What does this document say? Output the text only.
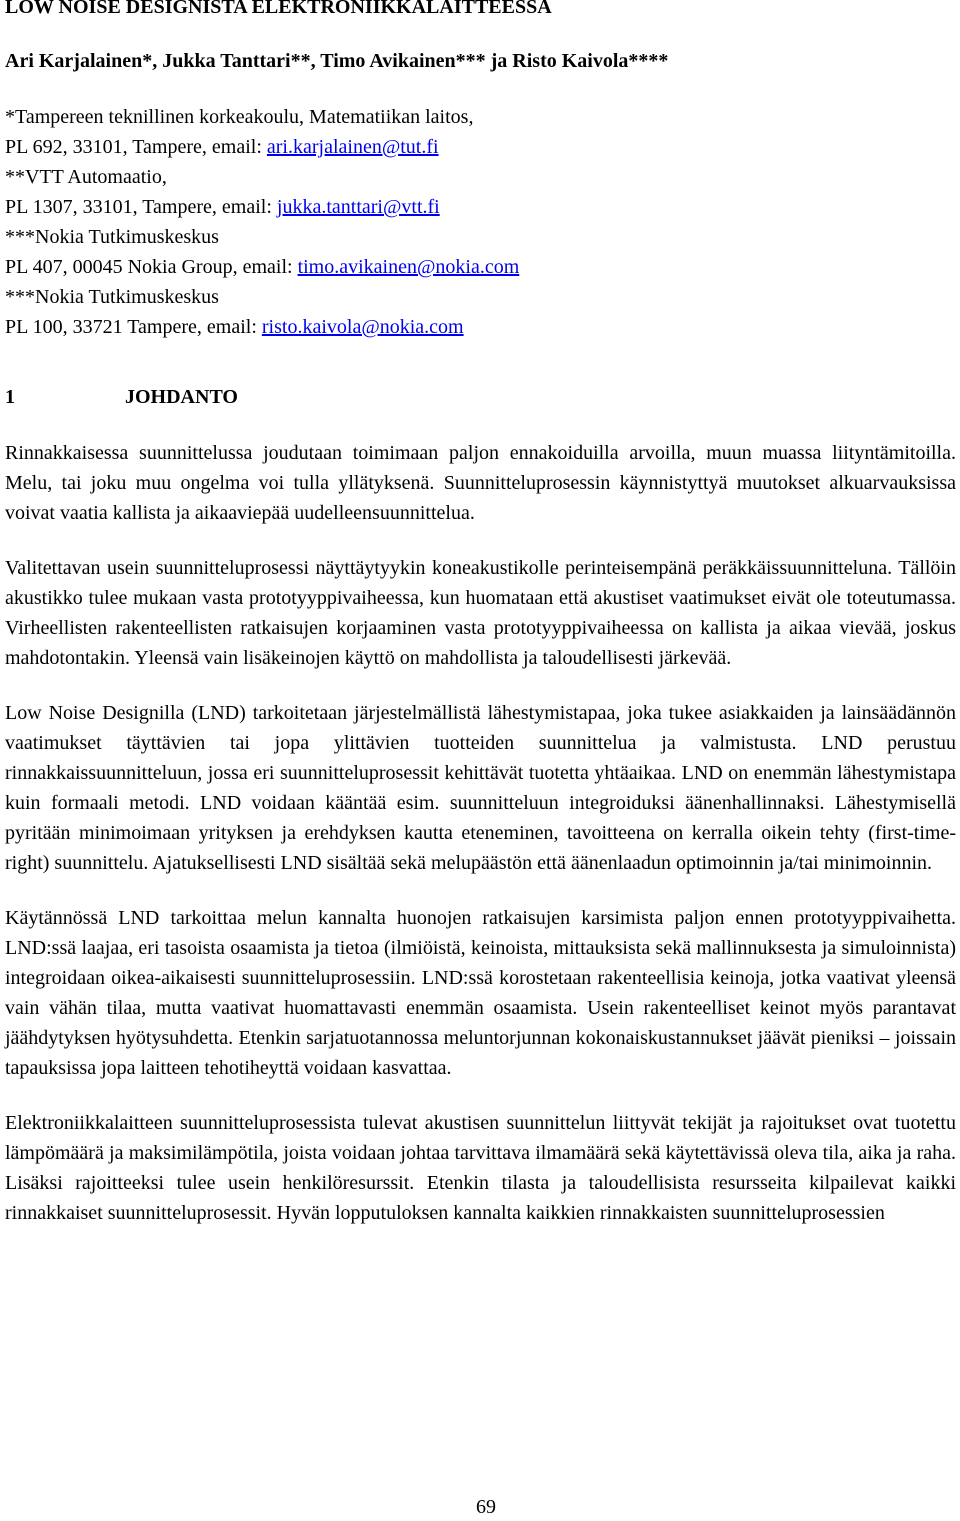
LOW NOISE DESIGNISTA ELEKTRONIIKKALAITTEESSA
Ari Karjalainen*, Jukka Tanttari**, Timo Avikainen*** ja Risto Kaivola****
*Tampereen teknillinen korkeakoulu, Matematiikan laitos,
PL 692, 33101, Tampere, email: ari.karjalainen@tut.fi
**VTT Automaatio,
PL 1307, 33101, Tampere, email: jukka.tanttari@vtt.fi
***Nokia Tutkimuskeskus
PL 407, 00045 Nokia Group, email: timo.avikainen@nokia.com
***Nokia Tutkimuskeskus
PL 100, 33721 Tampere, email: risto.kaivola@nokia.com
1	JOHDANTO

Rinnakkaisessa suunnittelussa joudutaan toimimaan paljon ennakoiduilla arvoilla, muun muassa liityntämitoilla. Melu, tai joku muu ongelma voi tulla yllätyksenä. Suunnitteluprosessin käynnistyttyä muutokset alkuarvauksissa voivat vaatia kallista ja aikaaviepää uudelleensuunnittelua.

Valitettavan usein suunnitteluprosessi näyttäytyykin koneakustikolle perinteisempänä peräkkäissuunnitteluna. Tällöin akustikko tulee mukaan vasta prototyyppivaiheessa, kun huomataan että akustiset vaatimukset eivät ole toteutumassa. Virheellisten rakenteellisten ratkaisujen korjaaminen vasta prototyyppivaiheessa on kallista ja aikaa vievää, joskus mahdotontakin. Yleensä vain lisäkeinojen käyttö on mahdollista ja taloudellisesti järkevää.

Low Noise Designilla (LND) tarkoitetaan järjestelmällistä lähestymistapaa, joka tukee asiakkaiden ja lainsäädännön vaatimukset täyttävien tai jopa ylittävien tuotteiden suunnittelua ja valmistusta. LND perustuu rinnakkaissuunnitteluun, jossa eri suunnitteluprosessit kehittävät tuotetta yhtäaikaa. LND on enemmän lähestymistapa kuin formaali metodi. LND voidaan kääntää esim. suunnitteluun integroiduksi äänenhallinnaksi. Lähestymisellä pyritään minimoimaan yrityksen ja erehdyksen kautta eteneminen, tavoitteena on kerralla oikein tehty (first-time-right) suunnittelu. Ajatuksellisesti LND sisältää sekä melupäästön että äänenlaadun optimoinnin ja/tai minimoinnin.

Käytännössä LND tarkoittaa melun kannalta huonojen ratkaisujen karsimista paljon ennen prototyyppivaihetta. LND:ssä laajaa, eri tasoista osaamista ja tietoa (ilmiöistä, keinoista, mittauksista sekä mallinnuksesta ja simuloinnista) integroidaan oikea-aikaisesti suunnitteluprosessiin. LND:ssä korostetaan rakenteellisia keinoja, jotka vaativat yleensä vain vähän tilaa, mutta vaativat huomattavasti enemmän osaamista. Usein rakenteelliset keinot myös parantavat jäähdytyksen hyötysuhdetta. Etenkin sarjatuotannossa meluntorjunnan kokonaiskustannukset jäävät pieniksi – joissain tapauksissa jopa laitteen tehotiheyttä voidaan kasvattaa.

Elektroniikkalaitteen suunnitteluprosessista tulevat akustisen suunnittelun liittyvät tekijät ja rajoitukset ovat tuotettu lämpömäärä ja maksimilämpötila, joista voidaan johtaa tarvittava ilmamäärä sekä käytettävissä oleva tila, aika ja raha. Lisäksi rajoitteeksi tulee usein henkilöresurssit. Etenkin tilasta ja taloudellisista resursseita kilpailevat kaikki rinnakkaiset suunnitteluprosessit. Hyvän lopputuloksen kannalta kaikkien rinnakkaisten suunnitteluprosessien

69
